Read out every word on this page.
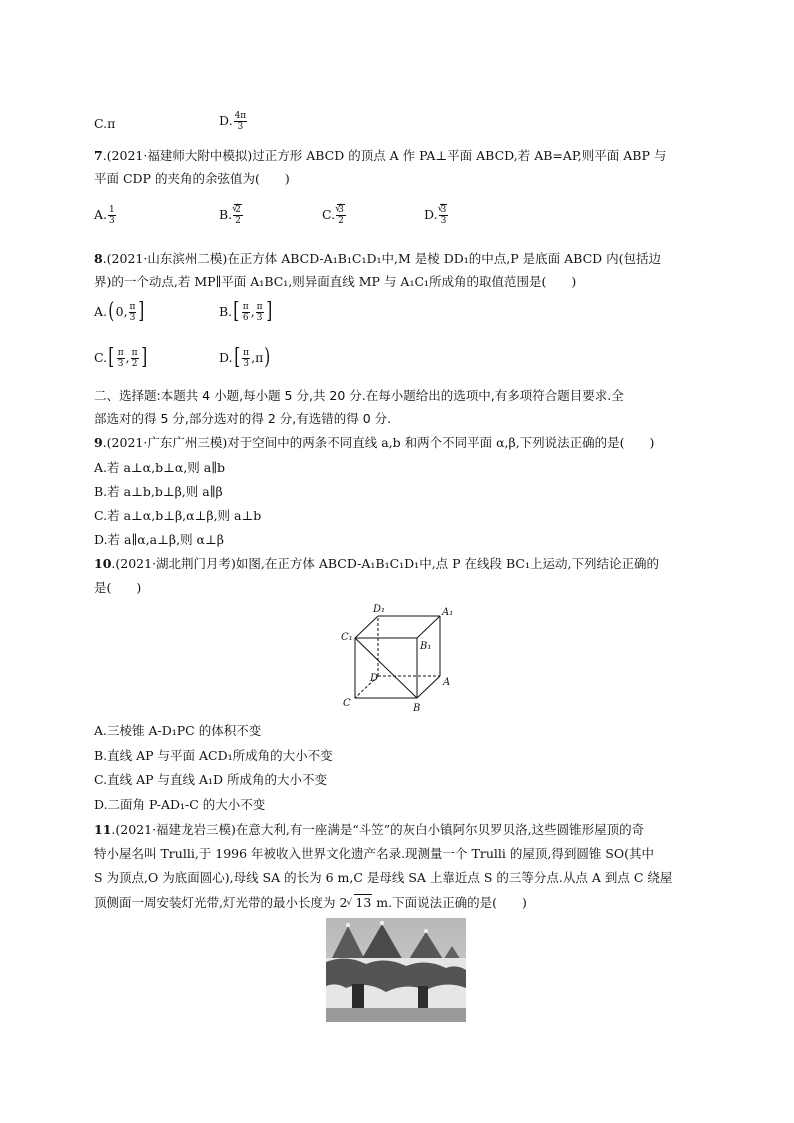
C.π	D. $\frac{4\pi}{3}$
7.(2021·福建师大附中模拟)过正方形 ABCD 的顶点 A 作 PA⊥平面 ABCD,若 AB=AP,则平面 ABP 与
平面 CDP 的夹角的余弦值为(　　)
A. $\frac{1}{3}$	B. √ $\frac{2}{2}$	C. √ $\frac{3}{2}$	D. √ $\frac{3}{3}$
8.(2021·山东滨州二模)在正方体 ABCD-A₁B₁C₁D₁中,M 是棱 DD₁的中点,P 是底面 ABCD 内(包括边
界)的一个动点,若 MP∥平面 A₁BC₁,则异面直线 MP 与 A₁C₁所成角的取值范围是(　　)
A. ( 0 , $\frac{\pi}{3}$ ]	B. [ $\frac{\pi}{6}$ , $\frac{\pi}{3}$ ]
C. [ $\frac{\pi}{3}$ , $\frac{\pi}{2}$ ]	D. [ $\frac{\pi}{3}$ , π )
二、选择题:本题共 4 小题,每小题 5 分,共 20 分.在每小题给出的选项中,有多项符合题目要求.全
部选对的得 5 分,部分选对的得 2 分,有选错的得 0 分.
9.(2021·广东广州三模)对于空间中的两条不同直线 a,b 和两个不同平面 α,β,下列说法正确的是(　　)
A.若 a⊥α,b⊥α,则 a∥b
B.若 a⊥b,b⊥β,则 a∥β
C.若 a⊥α,b⊥β,α⊥β,则 a⊥b
D.若 a∥α,a⊥β,则 α⊥β
10.(2021·湖北荆门月考)如图,在正方体 ABCD-A₁B₁C₁D₁中,点 P 在线段 BC₁上运动,下列结论正确的
是(　　)
D₁	A₁
C₁
B₁
D	A
C	B
A.三棱锥 A-D₁PC 的体积不变
B.直线 AP 与平面 ACD₁所成角的大小不变
C.直线 AP 与直线 A₁D 所成角的大小不变
D.二面角 P-AD₁-C 的大小不变
11.(2021·福建龙岩三模)在意大利,有一座满是“斗笠”的灰白小镇阿尔贝罗贝洛,这些圆锥形屋顶的奇
特小屋名叫 Trulli,于 1996 年被收入世界文化遗产名录.现测量一个 Trulli 的屋顶,得到圆锥 SO(其中
S 为顶点,O 为底面圆心),母线 SA 的长为 6 m,C 是母线 SA 上靠近点 S 的三等分点.从点 A 到点 C 绕屋
顶侧面一周安装灯光带,灯光带的最小长度为 2 √ 13 m.下面说法正确的是(　　)
